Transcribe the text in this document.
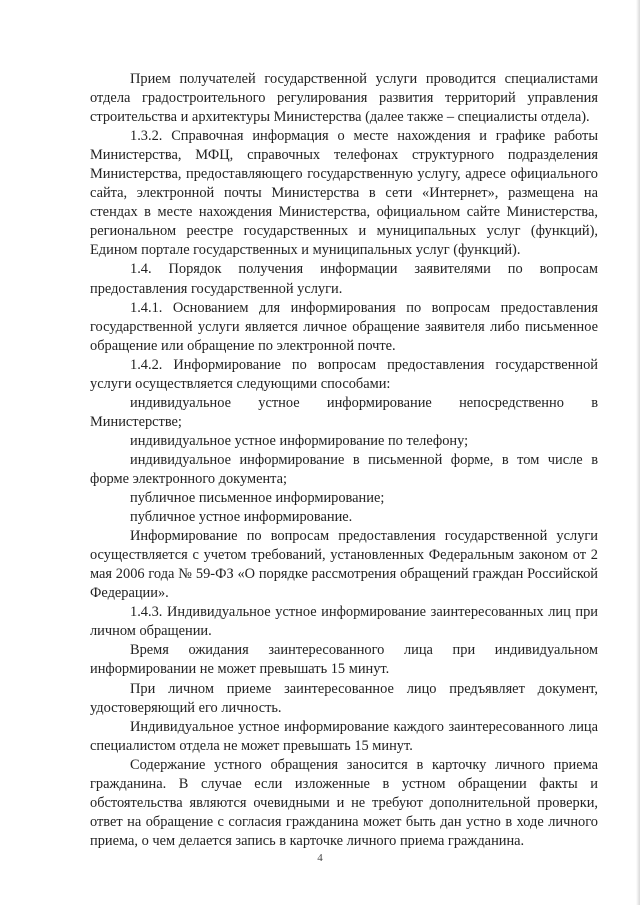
Прием получателей государственной услуги проводится специалистами отдела градостроительного регулирования развития территорий управления строительства и архитектуры Министерства (далее также – специалисты отдела).

1.3.2. Справочная информация о месте нахождения и графике работы Министерства, МФЦ, справочных телефонах структурного подразделения Министерства, предоставляющего государственную услугу, адресе официального сайта, электронной почты Министерства в сети «Интернет», размещена на стендах в месте нахождения Министерства, официальном сайте Министерства, региональном реестре государственных и муниципальных услуг (функций), Едином портале государственных и муниципальных услуг (функций).

1.4. Порядок получения информации заявителями по вопросам предоставления государственной услуги.

1.4.1. Основанием для информирования по вопросам предоставления государственной услуги является личное обращение заявителя либо письменное обращение или обращение по электронной почте.

1.4.2. Информирование по вопросам предоставления государственной услуги осуществляется следующими способами:

индивидуальное устное информирование непосредственно в Министерстве;

индивидуальное устное информирование по телефону;

индивидуальное информирование в письменной форме, в том числе в форме электронного документа;

публичное письменное информирование;

публичное устное информирование.

Информирование по вопросам предоставления государственной услуги осуществляется с учетом требований, установленных Федеральным законом от 2 мая 2006 года № 59-ФЗ «О порядке рассмотрения обращений граждан Российской Федерации».

1.4.3. Индивидуальное устное информирование заинтересованных лиц при личном обращении.

Время ожидания заинтересованного лица при индивидуальном информировании не может превышать 15 минут.

При личном приеме заинтересованное лицо предъявляет документ, удостоверяющий его личность.

Индивидуальное устное информирование каждого заинтересованного лица специалистом отдела не может превышать 15 минут.

Содержание устного обращения заносится в карточку личного приема гражданина. В случае если изложенные в устном обращении факты и обстоятельства являются очевидными и не требуют дополнительной проверки, ответ на обращение с согласия гражданина может быть дан устно в ходе личного приема, о чем делается запись в карточке личного приема гражданина.

4
